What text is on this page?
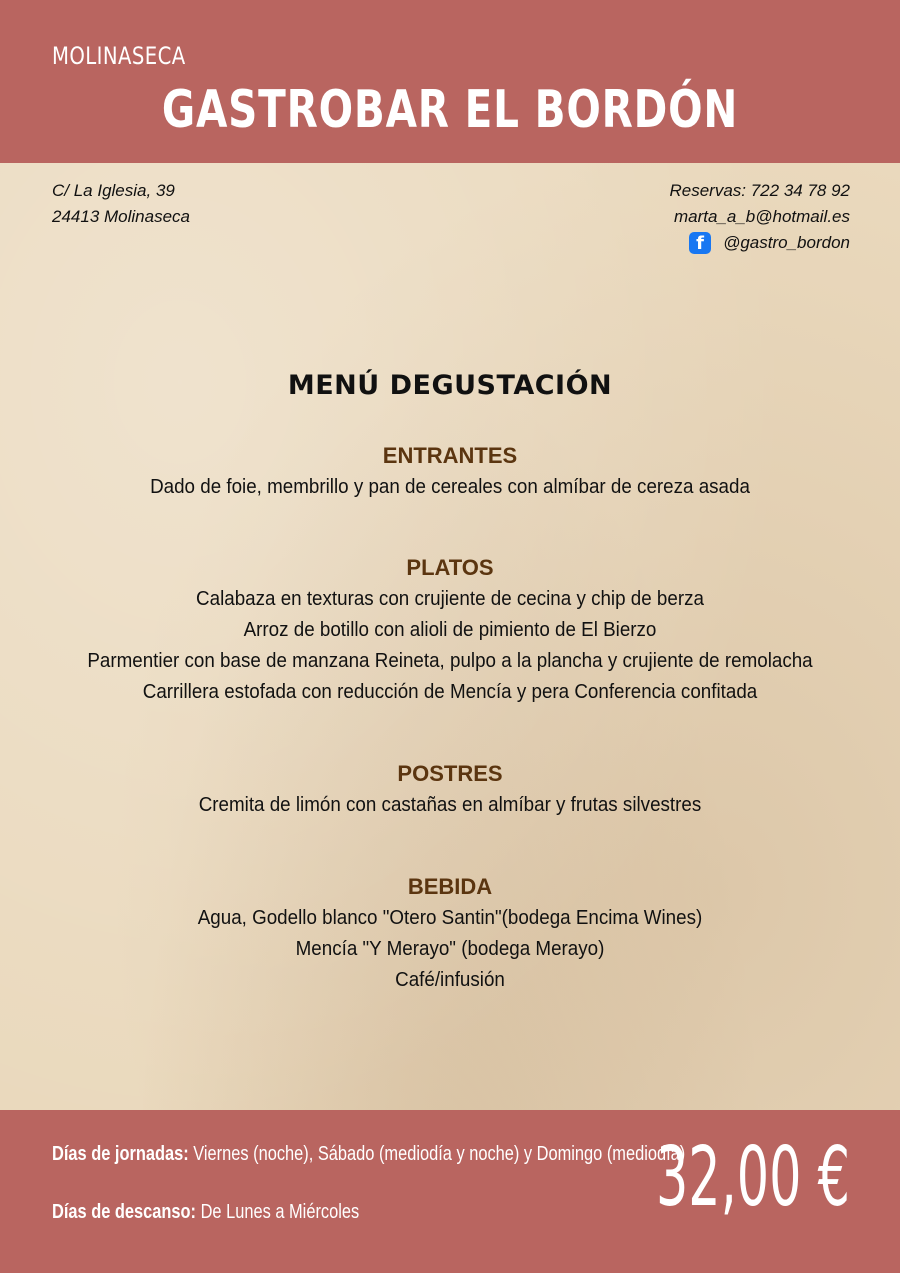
MOLINASECA
GASTROBAR EL BORDÓN
C/ La Iglesia, 39
24413 Molinaseca
Reservas: 722 34 78 92
marta_a_b@hotmail.es
f	@gastro_bordon
MENÚ DEGUSTACIÓN
ENTRANTES
Dado de foie, membrillo y pan de cereales con almíbar de cereza asada
PLATOS
Calabaza en texturas con crujiente de cecina y chip de berza
Arroz de botillo con alioli de pimiento de El Bierzo
Parmentier con base de manzana Reineta, pulpo a la plancha y crujiente de remolacha
Carrillera estofada con reducción de Mencía y pera Conferencia confitada
POSTRES
Cremita de limón con castañas en almíbar y frutas silvestres
BEBIDA
Agua, Godello blanco "Otero Santin"(bodega Encima Wines)
Mencía "Y Merayo" (bodega Merayo)
Café/infusión
Días de jornadas: Viernes (noche), Sábado (mediodía y noche) y Domingo (mediodía)
Días de descanso: De Lunes a Miércoles	32,00 €
